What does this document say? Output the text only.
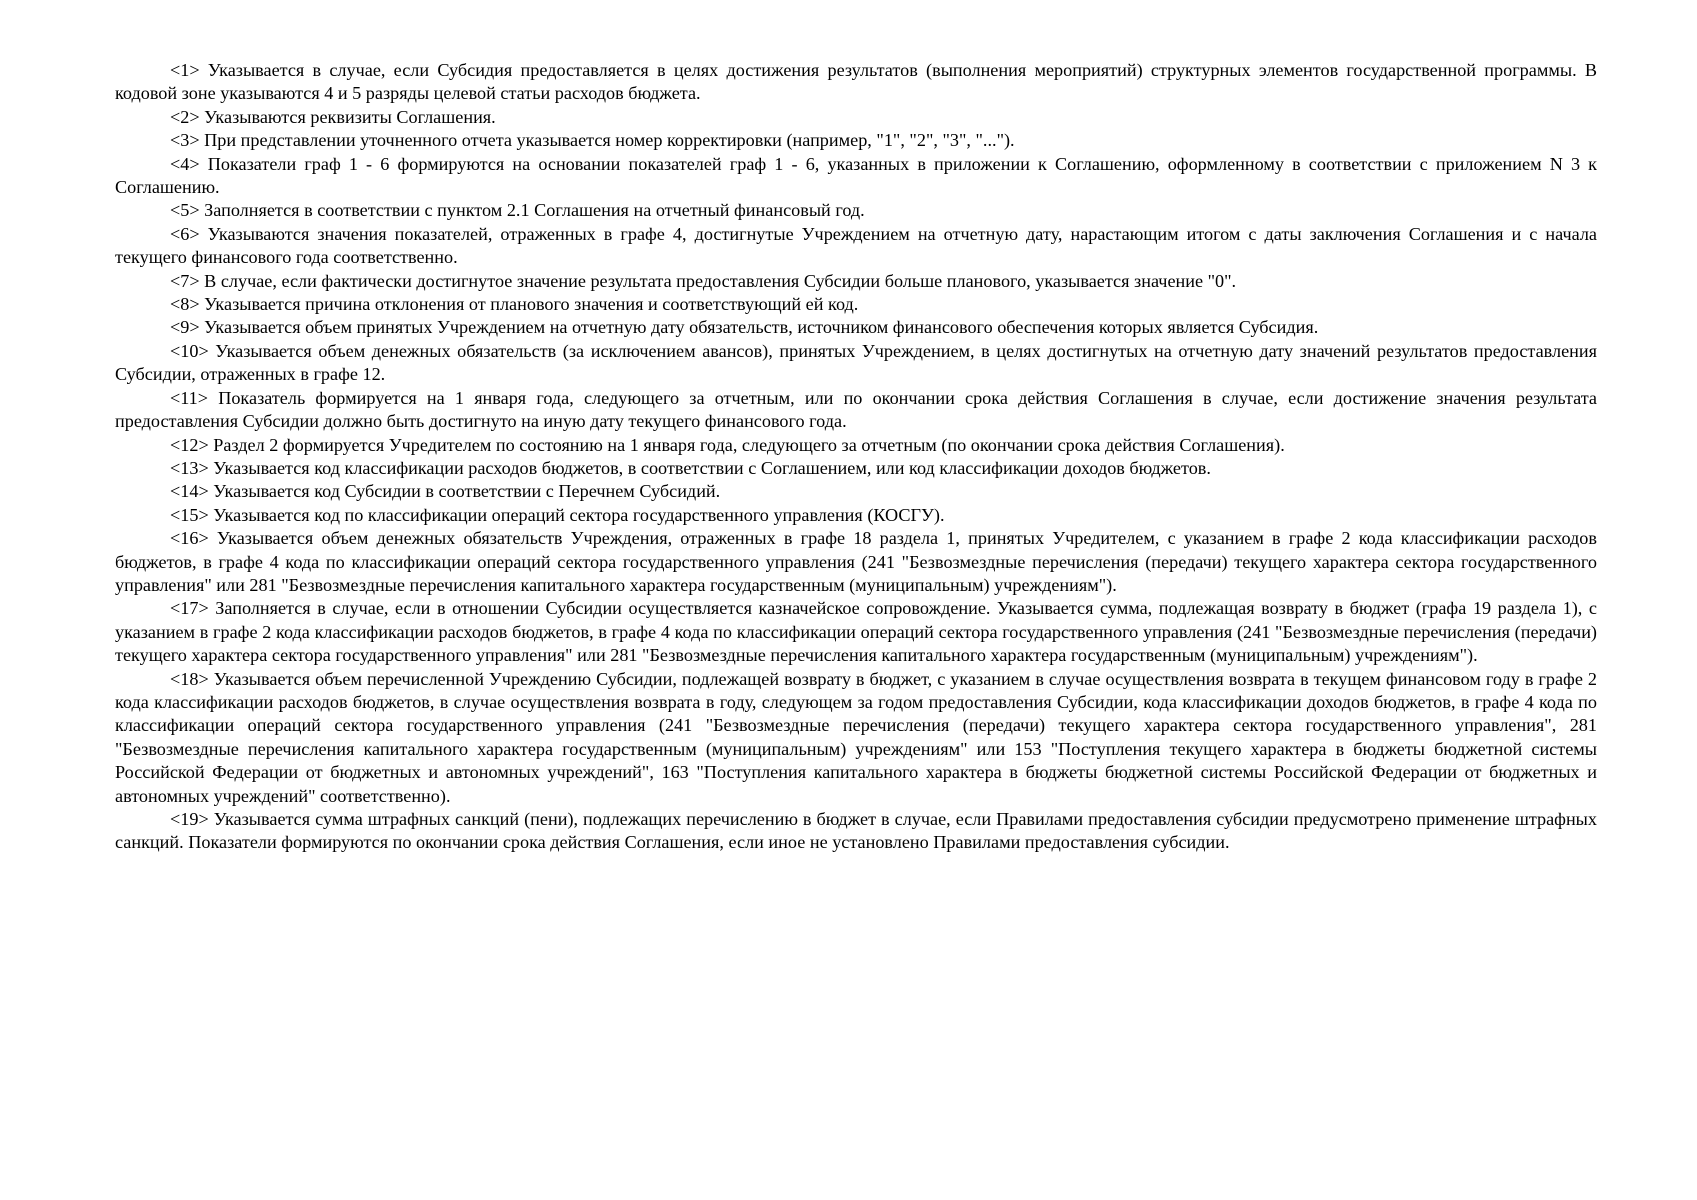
<1> Указывается в случае, если Субсидия предоставляется в целях достижения результатов (выполнения мероприятий) структурных элементов государственной программы. В кодовой зоне указываются 4 и 5 разряды целевой статьи расходов бюджета.

<2> Указываются реквизиты Соглашения.

<3> При представлении уточненного отчета указывается номер корректировки (например, "1", "2", "3", "...").

<4> Показатели граф 1 - 6 формируются на основании показателей граф 1 - 6, указанных в приложении к Соглашению, оформленному в соответствии с приложением N 3 к Соглашению.

<5> Заполняется в соответствии с пунктом 2.1 Соглашения на отчетный финансовый год.

<6> Указываются значения показателей, отраженных в графе 4, достигнутые Учреждением на отчетную дату, нарастающим итогом с даты заключения Соглашения и с начала текущего финансового года соответственно.

<7> В случае, если фактически достигнутое значение результата предоставления Субсидии больше планового, указывается значение "0".

<8> Указывается причина отклонения от планового значения и соответствующий ей код.

<9> Указывается объем принятых Учреждением на отчетную дату обязательств, источником финансового обеспечения которых является Субсидия.

<10> Указывается объем денежных обязательств (за исключением авансов), принятых Учреждением, в целях достигнутых на отчетную дату значений результатов предоставления Субсидии, отраженных в графе 12.

<11> Показатель формируется на 1 января года, следующего за отчетным, или по окончании срока действия Соглашения в случае, если достижение значения результата предоставления Субсидии должно быть достигнуто на иную дату текущего финансового года.

<12> Раздел 2 формируется Учредителем по состоянию на 1 января года, следующего за отчетным (по окончании срока действия Соглашения).

<13> Указывается код классификации расходов бюджетов, в соответствии с Соглашением, или код классификации доходов бюджетов.

<14> Указывается код Субсидии в соответствии с Перечнем Субсидий.

<15> Указывается код по классификации операций сектора государственного управления (КОСГУ).

<16> Указывается объем денежных обязательств Учреждения, отраженных в графе 18 раздела 1, принятых Учредителем, с указанием в графе 2 кода классификации расходов бюджетов, в графе 4 кода по классификации операций сектора государственного управления (241 "Безвозмездные перечисления (передачи) текущего характера сектора государственного управления" или 281 "Безвозмездные перечисления капитального характера государственным (муниципальным) учреждениям").

<17> Заполняется в случае, если в отношении Субсидии осуществляется казначейское сопровождение. Указывается сумма, подлежащая возврату в бюджет (графа 19 раздела 1), с указанием в графе 2 кода классификации расходов бюджетов, в графе 4 кода по классификации операций сектора государственного управления (241 "Безвозмездные перечисления (передачи) текущего характера сектора государственного управления" или 281 "Безвозмездные перечисления капитального характера государственным (муниципальным) учреждениям").

<18> Указывается объем перечисленной Учреждению Субсидии, подлежащей возврату в бюджет, с указанием в случае осуществления возврата в текущем финансовом году в графе 2 кода классификации расходов бюджетов, в случае осуществления возврата в году, следующем за годом предоставления Субсидии, кода классификации доходов бюджетов, в графе 4 кода по классификации операций сектора государственного управления (241 "Безвозмездные перечисления (передачи) текущего характера сектора государственного управления", 281 "Безвозмездные перечисления капитального характера государственным (муниципальным) учреждениям" или 153 "Поступления текущего характера в бюджеты бюджетной системы Российской Федерации от бюджетных и автономных учреждений", 163 "Поступления капитального характера в бюджеты бюджетной системы Российской Федерации от бюджетных и автономных учреждений" соответственно).

<19> Указывается сумма штрафных санкций (пени), подлежащих перечислению в бюджет в случае, если Правилами предоставления субсидии предусмотрено применение штрафных санкций. Показатели формируются по окончании срока действия Соглашения, если иное не установлено Правилами предоставления субсидии.
